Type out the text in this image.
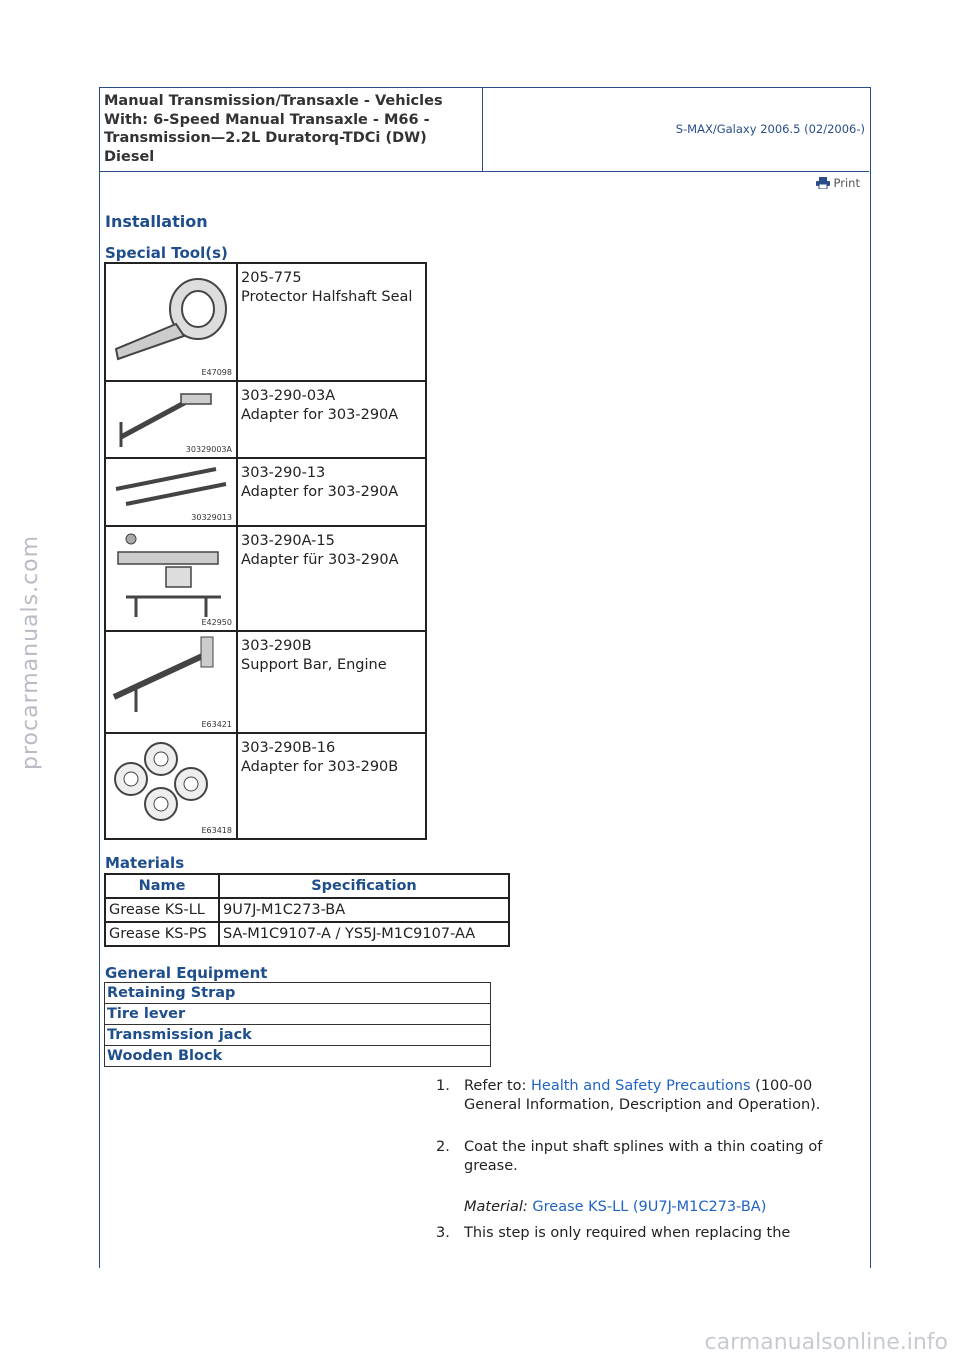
Manual Transmission/Transaxle - Vehicles With: 6-Speed Manual Transaxle - M66 - Transmission—2.2L Duratorq-TDCi (DW) Diesel
S-MAX/Galaxy 2006.5 (02/2006-)
Print
Installation
Special Tool(s)
E47098	205-775
Protector Halfshaft Seal

30329003A	303-290-03A
Adapter for 303-290A

30329013	303-290-13
Adapter for 303-290A

E42950	303-290A-15
Adapter für 303-290A

E63421	303-290B
Support Bar, Engine

E63418	303-290B-16
Adapter for 303-290B
Materials
Name	Specification
Grease KS-LL	9U7J-M1C273-BA
Grease KS-PS	SA-M1C9107-A / YS5J-M1C9107-AA
General Equipment
Retaining Strap
Tire lever
Transmission jack
Wooden Block
1. Refer to: Health and Safety Precautions (100-00 General Information, Description and Operation).
2. Coat the input shaft splines with a thin coating of grease.
Material: Grease KS-LL (9U7J-M1C273-BA)
3. This step is only required when replacing the
procarmanuals.com
carmanualsonline.info
